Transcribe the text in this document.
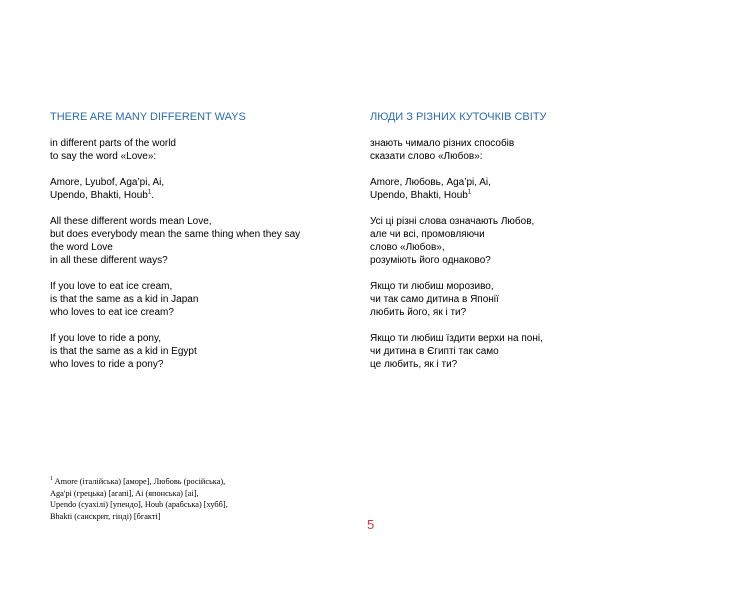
THERE ARE MANY DIFFERENT WAYS
in different parts of the world
to say the word «Love»:
Amore, Lyubof, Aga’pi, Ai,
Upendo, Bhakti, Houb$^1$.
All these different words mean Love,
but does everybody mean the same thing when they say
the word Love
in all these different ways?
If you love to eat ice cream,
is that the same as a kid in Japan
who loves to eat ice cream?
If you love to ride a pony,
is that the same as a kid in Egypt
who loves to ride a pony?
ЛЮДИ З РІЗНИХ КУТОЧКІВ СВІТУ
знають чимало різних способів
сказати слово «Любов»:
Amore, Любовь, Aga’pi, Ai,
Upendo, Bhakti, Houb$^1$
Усі ці різні слова означають Любов,
але чи всі, промовляючи
слово «Любов»,
розуміють його однаково?
Якщо ти любиш морозиво,
чи так само дитина в Японії
любить його, як і ти?
Якщо ти любиш їздити верхи на поні,
чи дитина в Єгипті так само
це любить, як і ти?
$^1$ Amore (італійська) [аморе], Любовь (російська),
Aga'pi (грецька) [агапі], Ai (японська) [аі],
Upendo (суахілі) [упендо], Houb (арабська) [хубб],
Bhakti (санскрит, гінді) [бгакті]
5
